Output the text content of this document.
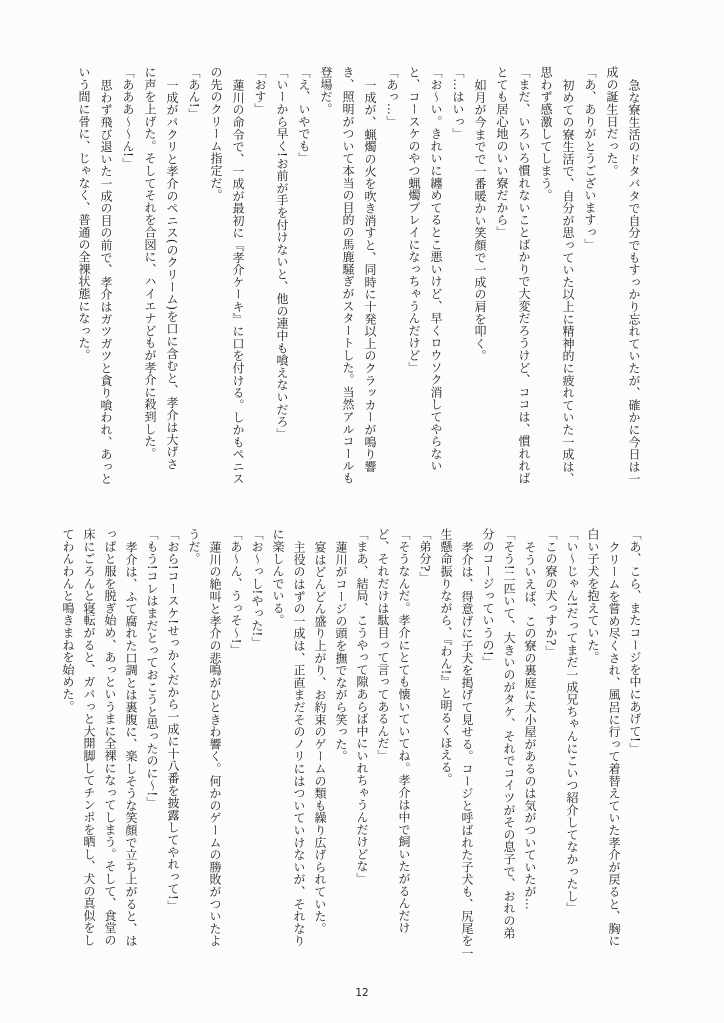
急な寮生活のドタバタで自分でもすっかり忘れていたが、確かに今日は一

成の誕生日だった。

「あ、ありがとうございますっ」

初めての寮生活で、自分が思っていた以上に精神的に疲れていた一成は、

思わず感激してしまう。

「まだ、いろいろ慣れないことばかりで大変だろうけど、ココは、慣れれば

とても居心地のいい寮だから」

如月が今までで一番暖かい笑顔で一成の肩を叩く。

「…はいっ」

「お〜い。きれいに纏めてるとこ悪いけど、早くロウソク消してやらない

と、コースケのやつ蝋燭プレイになっちゃうんだけど」

「あっ…」

一成が、蝋燭の火を吹き消すと、同時に十発以上のクラッカーが鳴り響

き、照明がついて本当の目的の馬鹿騒ぎがスタートした。当然アルコールも

登場だ。

「え、いやでも」

「いーから早く!お前が手を付けないと、他の連中も喰えないだろ」

「おす」

蓮川の命令で、一成が最初に『孝介ケーキ』に口を付ける。しかもペニス

の先のクリーム指定だ。

「あん!」

一成がパクリと孝介のペニス(のクリーム)を口に含むと、孝介は大げさ

に声を上げた。そしてそれを合図に、ハイエナどもが孝介に殺到した。

「あああ〜〜ん!」

思わず飛び退いた一成の目の前で、孝介はガツガツと貪り喰われ、あっと

いう間に骨に、じゃなく、普通の全裸状態になった。

「あ、こら、またコージを中にあげて!」

クリームを嘗め尽くされ、風呂に行って着替えていた孝介が戻ると、胸に

白い子犬を抱えていた。

「い〜じゃん!だってまだ一成兄ちゃんにこいつ紹介してなかったし」

「この寮の犬っすか?」

そういえば、この寮の裏庭に犬小屋があるのは気がついていたが…

「そう!二匹いて、大きいのがタケ、それでコイツがその息子で、おれの弟

分のコージっていうの!」

孝介は、得意げに子犬を掲げて見せる。コージと呼ばれた子犬も、尻尾を一

生懸命振りながら、『わん!』と明るくほえる。

「弟分?」

「そうなんだ。孝介にとても懐いていてね。孝介は中で飼いたがるんだけ

ど、それだけは駄目って言ってあるんだ」

「まあ、結局、こうやって隙あらば中にいれちゃうんだけどな」

蓮川がコージの頭を撫でながら笑った。

宴はどんどん盛り上がり、お約束のゲームの類も繰り広げられていた。

主役のはずの一成は、正直まだそのノリにはついていけないが、それなり

に楽しんでいる。

「お〜っし!やった!」

「あ〜ん、うっそ〜!」

蓮川の絶叫と孝介の悲鳴がひときわ響く。何かのゲームの勝敗がついたよ

うだ。

「おら!コースケ!せっかくだから一成に十八番を披露してやれって!」

「もう!コレはまだとっておこうと思ったのに〜!」

孝介は、ふて腐れた口調とは裏腹に、楽しそうな笑顔で立ち上がると、は

っぱと服を脱ぎ始め、あっというまに全裸になってしまう。そして、食堂の

床にごろんと寝転がると、ガバっと大開脚してチンポを晒し、犬の真似をし

てわんわんと鳴きまねを始めた。

12
